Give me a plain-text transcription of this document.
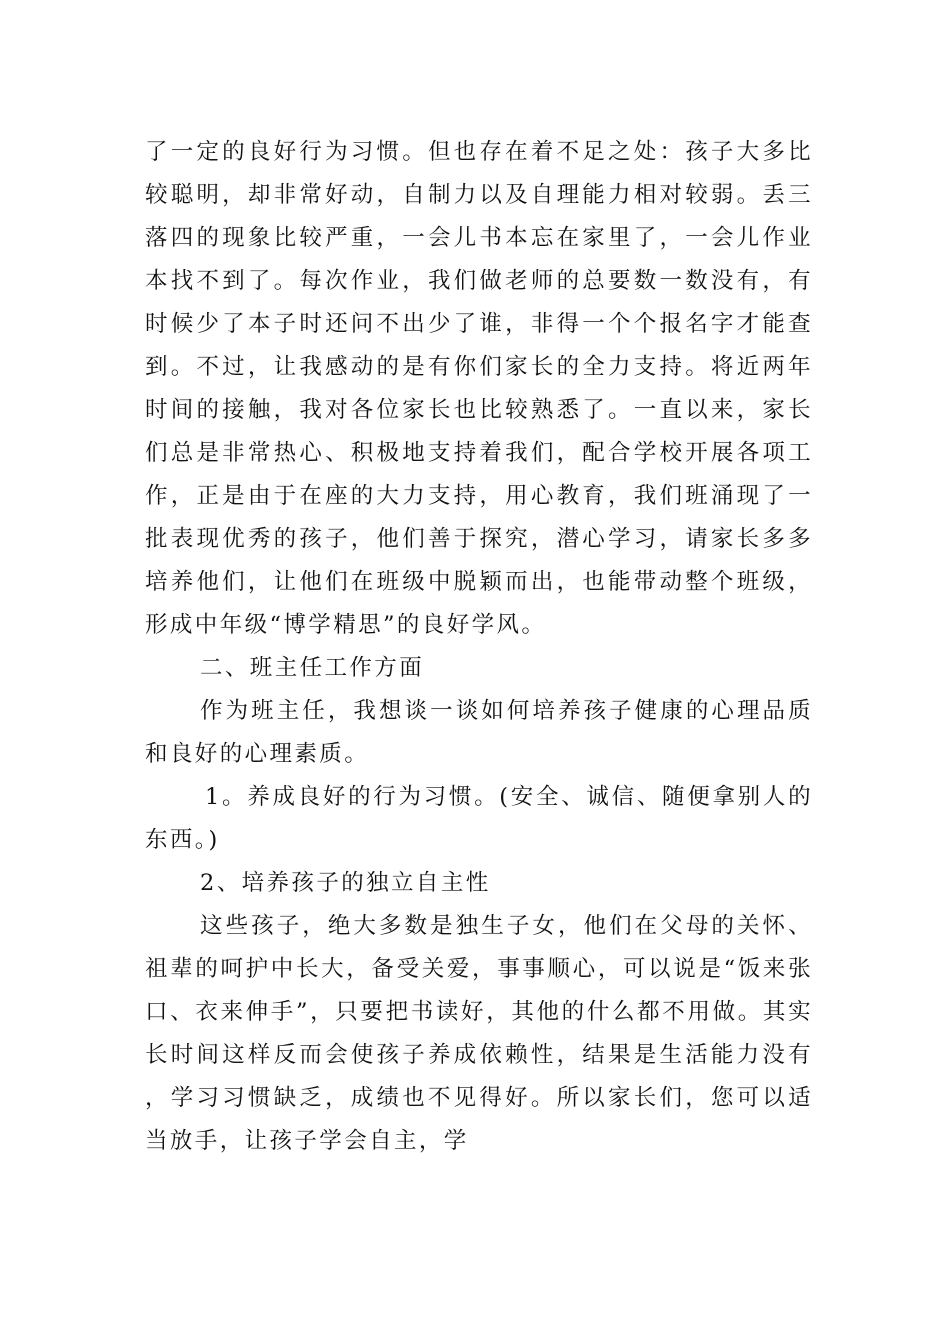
了一定的良好行为习惯。但也存在着不足之处：孩子大多比较聪明，却非常好动，自制力以及自理能力相对较弱。丢三落四的现象比较严重，一会儿书本忘在家里了，一会儿作业本找不到了。每次作业，我们做老师的总要数一数没有，有时候少了本子时还问不出少了谁，非得一个个报名字才能查到。不过，让我感动的是有你们家长的全力支持。将近两年时间的接触，我对各位家长也比较熟悉了。一直以来，家长们总是非常热心、积极地支持着我们，配合学校开展各项工作，正是由于在座的大力支持，用心教育，我们班涌现了一批表现优秀的孩子，他们善于探究，潜心学习，请家长多多培养他们，让他们在班级中脱颖而出，也能带动整个班级，形成中年级“博学精思”的良好学风。

二、班主任工作方面

作为班主任，我想谈一谈如何培养孩子健康的心理品质和良好的心理素质。

1。养成良好的行为习惯。(安全、诚信、随便拿别人的东西。)

2、培养孩子的独立自主性

这些孩子，绝大多数是独生子女，他们在父母的关怀、祖辈的呵护中长大，备受关爱，事事顺心，可以说是“饭来张口、衣来伸手”，只要把书读好，其他的什么都不用做。其实长时间这样反而会使孩子养成依赖性，结果是生活能力没有，学习习惯缺乏，成绩也不见得好。所以家长们，您可以适当放手，让孩子学会自主，学
